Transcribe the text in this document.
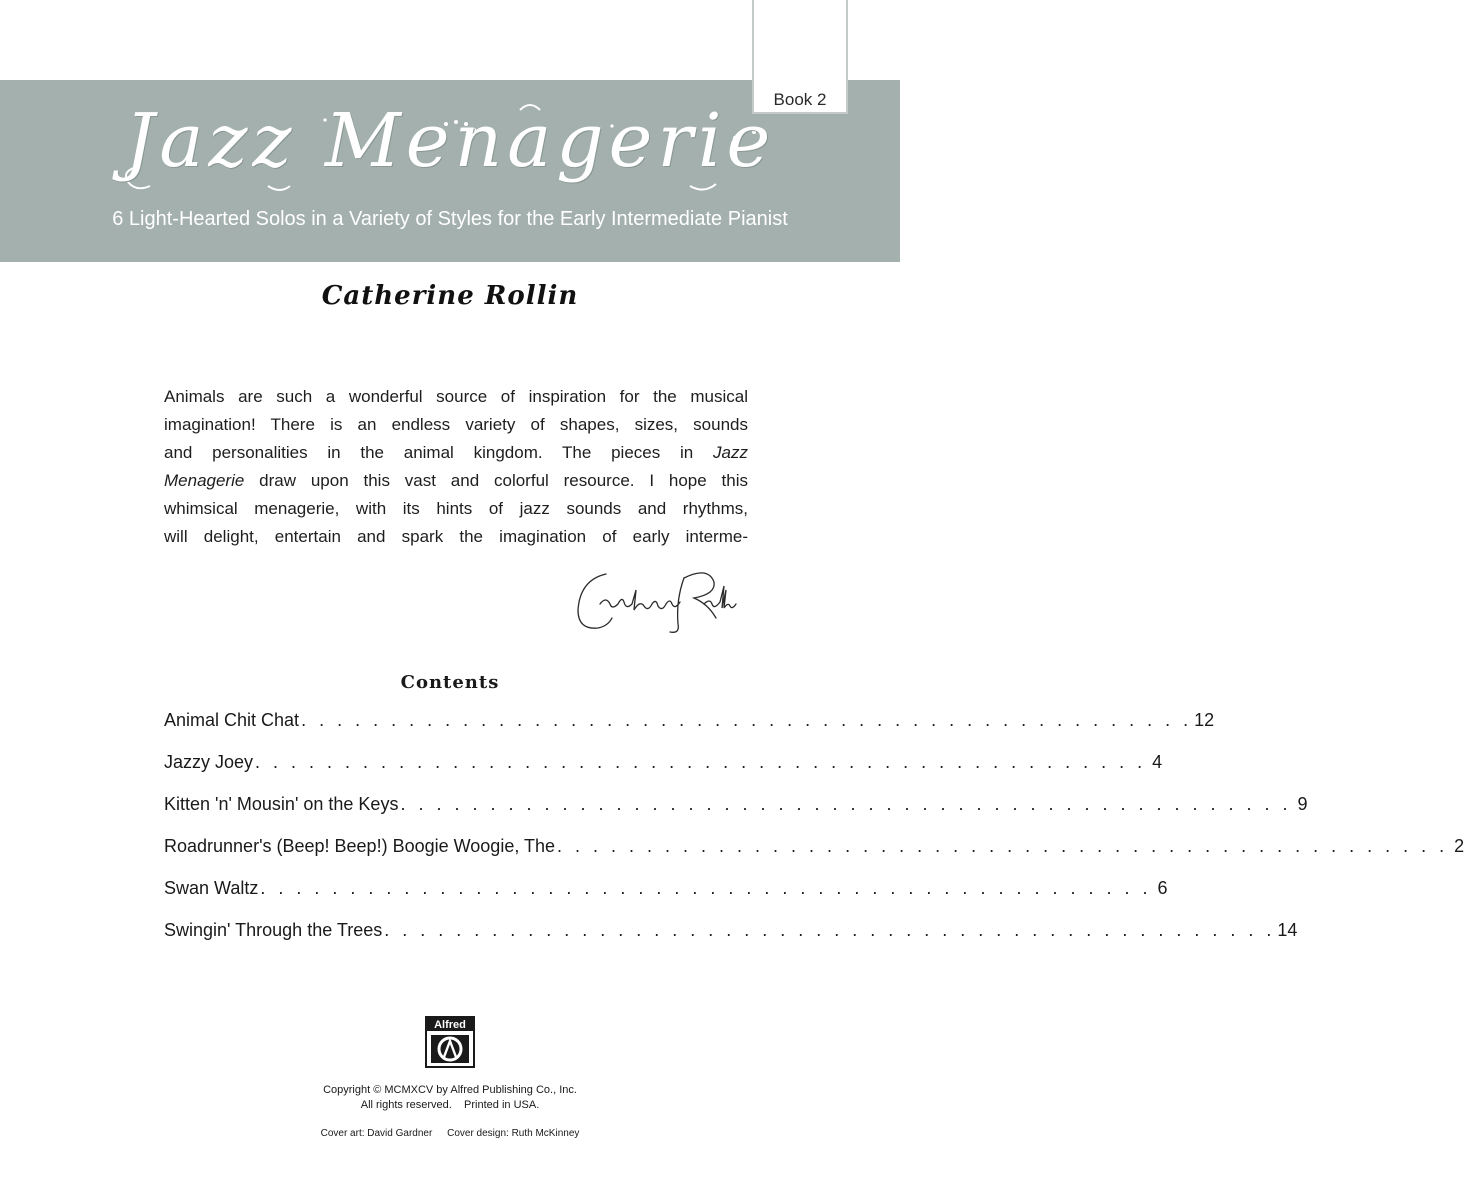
Book 2
Jazz Menagerie
6 Light-Hearted Solos in a Variety of Styles for the Early Intermediate Pianist
Catherine Rollin
Animals are such a wonderful source of inspiration for the musical
imagination! There is an endless variety of shapes, sizes, sounds
and personalities in the animal kingdom. The pieces in Jazz
Menagerie draw upon this vast and colorful resource. I hope this
whimsical menagerie, with its hints of jazz sounds and rhythms,
will delight, entertain and spark the imagination of early interme-
Contents
Animal Chit Chat . . . . . . . . . . . . . . . . . . . . . . . . . . . . . . . . . . . . . . . . . . . . . . . . . . 12
Jazzy Joey . . . . . . . . . . . . . . . . . . . . . . . . . . . . . . . . . . . . . . . . . . . . . . . . . . 4
Kitten 'n' Mousin' on the Keys . . . . . . . . . . . . . . . . . . . . . . . . . . . . . . . . . . . . . . . . . . . . . . . . . . 9
Roadrunner's (Beep! Beep!) Boogie Woogie, The . . . . . . . . . . . . . . . . . . . . . . . . . . . . . . . . . . . . . . . . . . . . . . . . . . 2
Swan Waltz . . . . . . . . . . . . . . . . . . . . . . . . . . . . . . . . . . . . . . . . . . . . . . . . . . 6
Swingin' Through the Trees . . . . . . . . . . . . . . . . . . . . . . . . . . . . . . . . . . . . . . . . . . . . . . . . . . 14
Alfred
Copyright © MCMXCV by Alfred Publishing Co., Inc.
All rights reserved.    Printed in USA.
Cover art: David Gardner Cover design: Ruth McKinney
